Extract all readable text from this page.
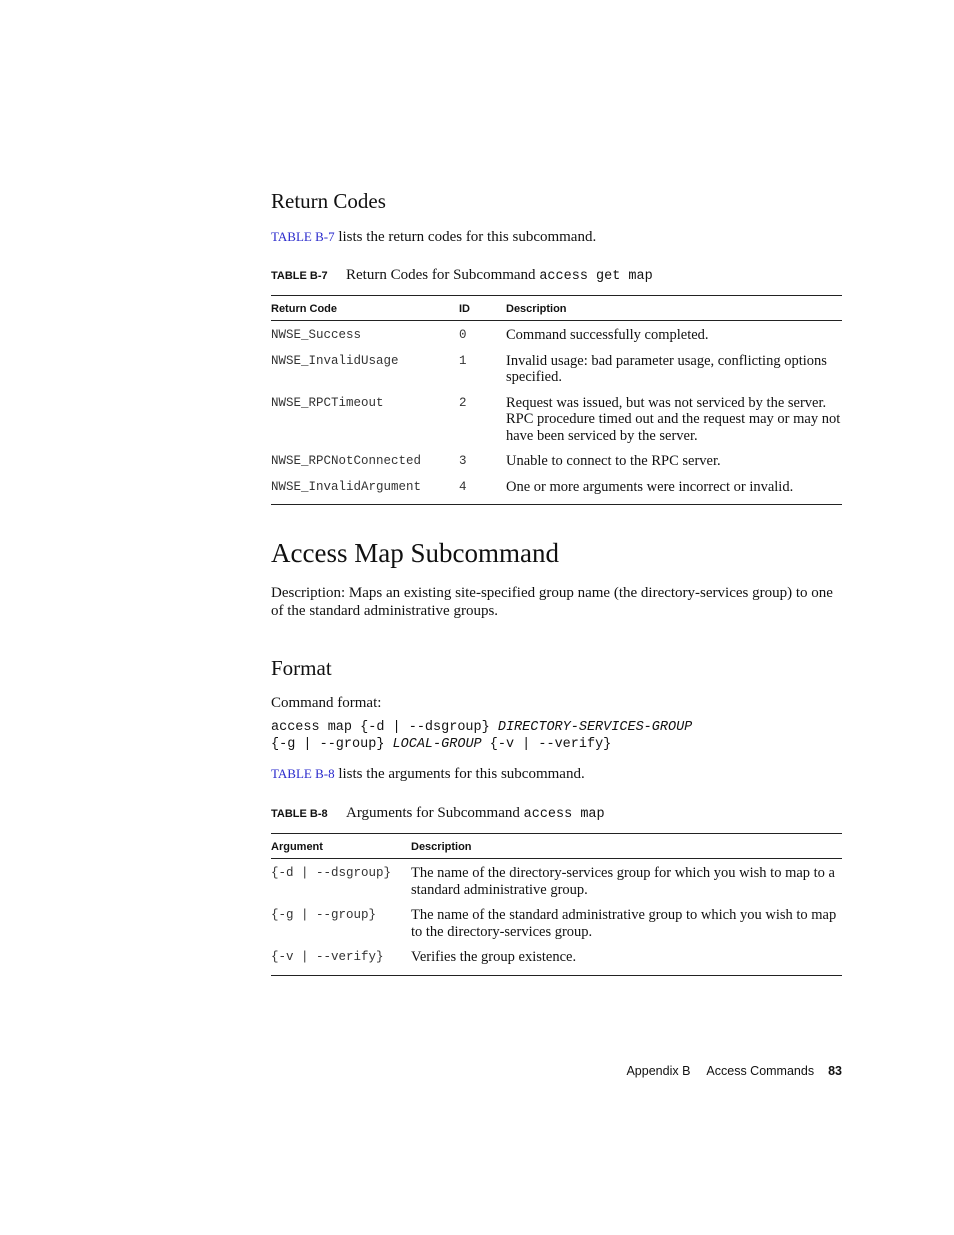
Return Codes
TABLE B-7 lists the return codes for this subcommand.
TABLE B-7 Return Codes for Subcommand access get map
Return Code	ID	Description
NWSE_Success	0	Command successfully completed.
NWSE_InvalidUsage	1	Invalid usage: bad parameter usage, conflicting options specified.
NWSE_RPCTimeout	2	Request was issued, but was not serviced by the server. RPC procedure timed out and the request may or may not have been serviced by the server.
NWSE_RPCNotConnected	3	Unable to connect to the RPC server.
NWSE_InvalidArgument	4	One or more arguments were incorrect or invalid.
Access Map Subcommand

Description: Maps an existing site-specified group name (the directory-services group) to one of the standard administrative groups.

Format
Command format:
access map {-d | --dsgroup} DIRECTORY-SERVICES-GROUP
{-g | --group} LOCAL-GROUP {-v | --verify}
TABLE B-8 lists the arguments for this subcommand.
TABLE B-8 Arguments for Subcommand access map
Argument	Description
{-d | --dsgroup}	The name of the directory-services group for which you wish to map to a standard administrative group.
{-g | --group}	The name of the standard administrative group to which you wish to map to the directory-services group.
{-v | --verify}	Verifies the group existence.
Appendix B Access Commands 83
